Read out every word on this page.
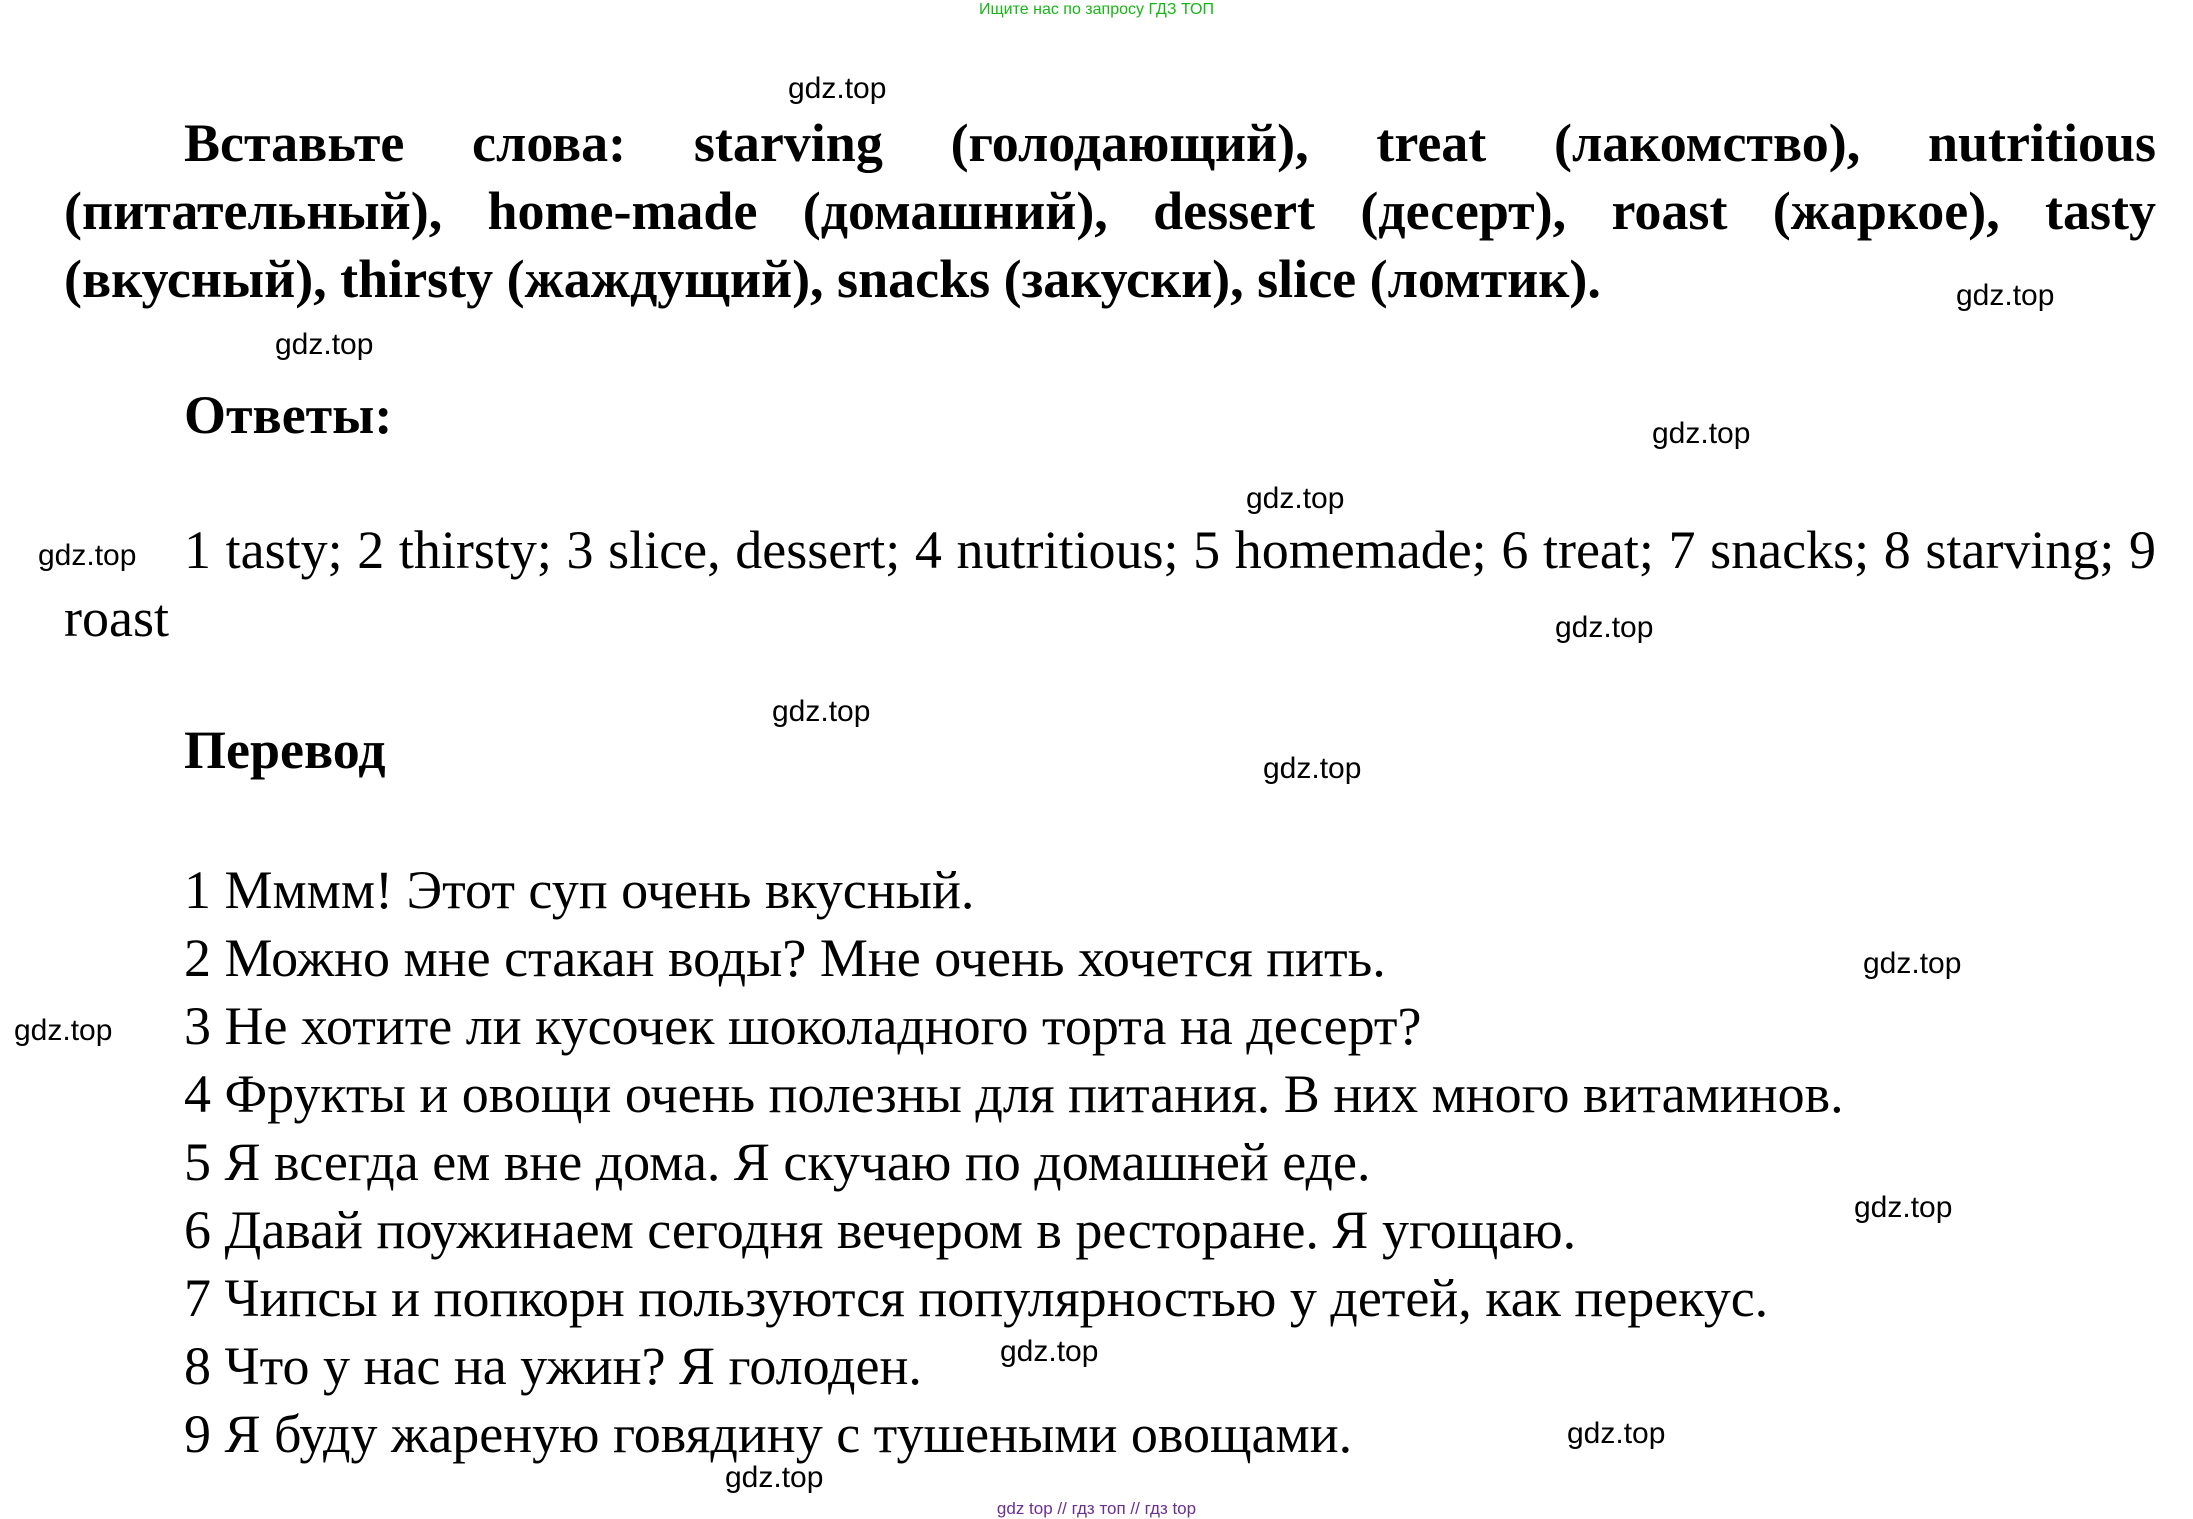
Ищите нас по запросу ГДЗ ТОП

Вставьте слова: starving (голодающий), treat (лакомство), nutritious (питательный), home-made (домашний), dessert (десерт), roast (жаркое), tasty (вкусный), thirsty (жаждущий), snacks (закуски), slice (ломтик).

Ответы:

1 tasty; 2 thirsty; 3 slice, dessert; 4 nutritious; 5 homemade; 6 treat; 7 snacks; 8 starving; 9 roast

Перевод
1 Мммм! Этот суп очень вкусный.
2 Можно мне стакан воды? Мне очень хочется пить.
3 Не хотите ли кусочек шоколадного торта на десерт?
4 Фрукты и овощи очень полезны для питания. В них много витаминов.
5 Я всегда ем вне дома. Я скучаю по домашней еде.
6 Давай поужинаем сегодня вечером в ресторане. Я угощаю.
7 Чипсы и попкорн пользуются популярностью у детей, как перекус.
8 Что у нас на ужин? Я голоден.
9 Я буду жареную говядину с тушеными овощами.
gdz.top
gdz.top
gdz.top
gdz.top
gdz.top
gdz.top
gdz.top
gdz.top
gdz.top
gdz.top
gdz.top
gdz.top
gdz.top
gdz.top
gdz.top
gdz top // гдз топ // гдз top
